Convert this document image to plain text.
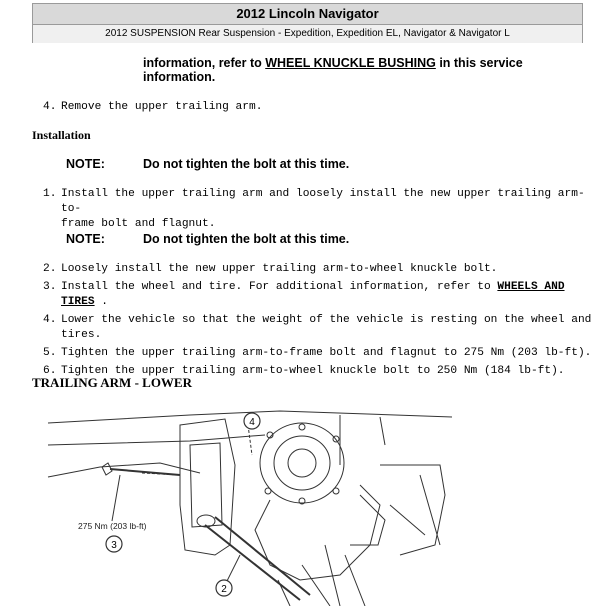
2012 Lincoln Navigator
2012 SUSPENSION Rear Suspension - Expedition, Expedition EL, Navigator & Navigator L
information, refer to WHEEL KNUCKLE BUSHING in this service
information.
4. Remove the upper trailing arm.
Installation
NOTE:	Do not tighten the bolt at this time.
1. Install the upper trailing arm and loosely install the new upper trailing arm-to-
frame bolt and flagnut.
NOTE:	Do not tighten the bolt at this time.
2. Loosely install the new upper trailing arm-to-wheel knuckle bolt.
3. Install the wheel and tire. For additional information, refer to WHEELS AND TIRES .
4. Lower the vehicle so that the weight of the vehicle is resting on the wheel and
tires.
5. Tighten the upper trailing arm-to-frame bolt and flagnut to 275 Nm (203 lb-ft).
6. Tighten the upper trailing arm-to-wheel knuckle bolt to 250 Nm (184 lb-ft).
TRAILING ARM - LOWER
4
3
2
275 Nm (203 lb-ft)
